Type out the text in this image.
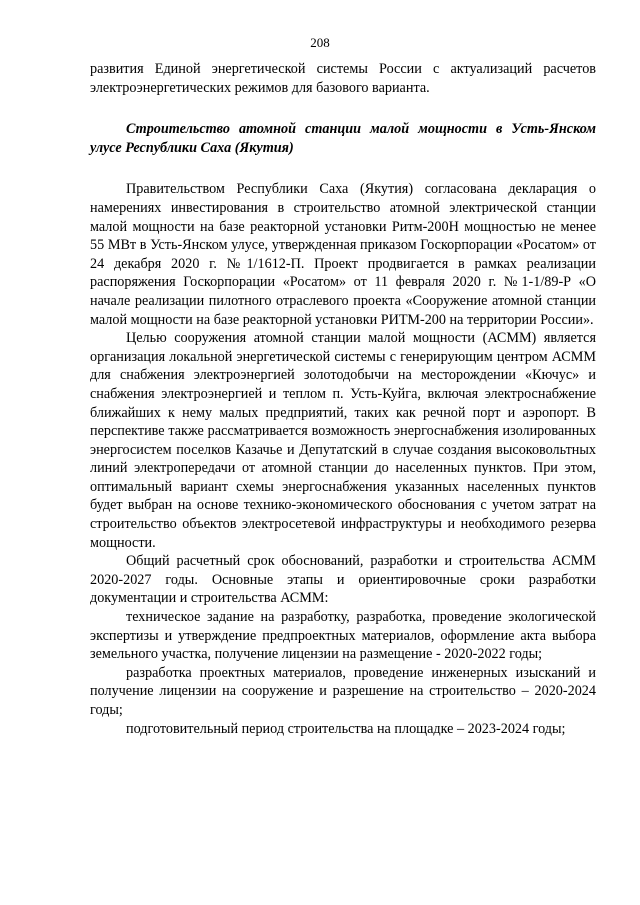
208

развития Единой энергетической системы России с актуализаций расчетов электроэнергетических режимов для базового варианта.

Строительство атомной станции малой мощности в Усть-Янском улусе Республики Саха (Якутия)

Правительством Республики Саха (Якутия) согласована декларация о намерениях инвестирования в строительство атомной электрической станции малой мощности на базе реакторной установки Ритм-200Н мощностью не менее 55 МВт в Усть-Янском улусе, утвержденная приказом Госкорпорации «Росатом» от 24 декабря 2020 г. №1/1612-П. Проект продвигается в рамках реализации распоряжения Госкорпорации «Росатом» от 11 февраля 2020 г. №1-1/89-Р «О начале реализации пилотного отраслевого проекта «Сооружение атомной станции малой мощности на базе реакторной установки РИТМ-200 на территории России».

Целью сооружения атомной станции малой мощности (АСММ) является организация локальной энергетической системы с генерирующим центром АСММ для снабжения электроэнергией золотодобычи на месторождении «Кючус» и снабжения электроэнергией и теплом п. Усть-Куйга, включая электроснабжение ближайших к нему малых предприятий, таких как речной порт и аэропорт. В перспективе также рассматривается возможность энергоснабжения изолированных энергосистем поселков Казачье и Депутатский в случае создания высоковольтных линий электропередачи от атомной станции до населенных пунктов. При этом, оптимальный вариант схемы энергоснабжения указанных населенных пунктов будет выбран на основе технико-экономического обоснования с учетом затрат на строительство объектов электросетевой инфраструктуры и необходимого резерва мощности.

Общий расчетный срок обоснований, разработки и строительства АСММ 2020-2027 годы. Основные этапы и ориентировочные сроки разработки документации и строительства АСММ:

техническое задание на разработку, разработка, проведение экологической экспертизы и утверждение предпроектных материалов, оформление акта выбора земельного участка, получение лицензии на размещение - 2020-2022 годы;

разработка проектных материалов, проведение инженерных изысканий и получение лицензии на сооружение и разрешение на строительство – 2020-2024 годы;

подготовительный период строительства на площадке – 2023-2024 годы;
